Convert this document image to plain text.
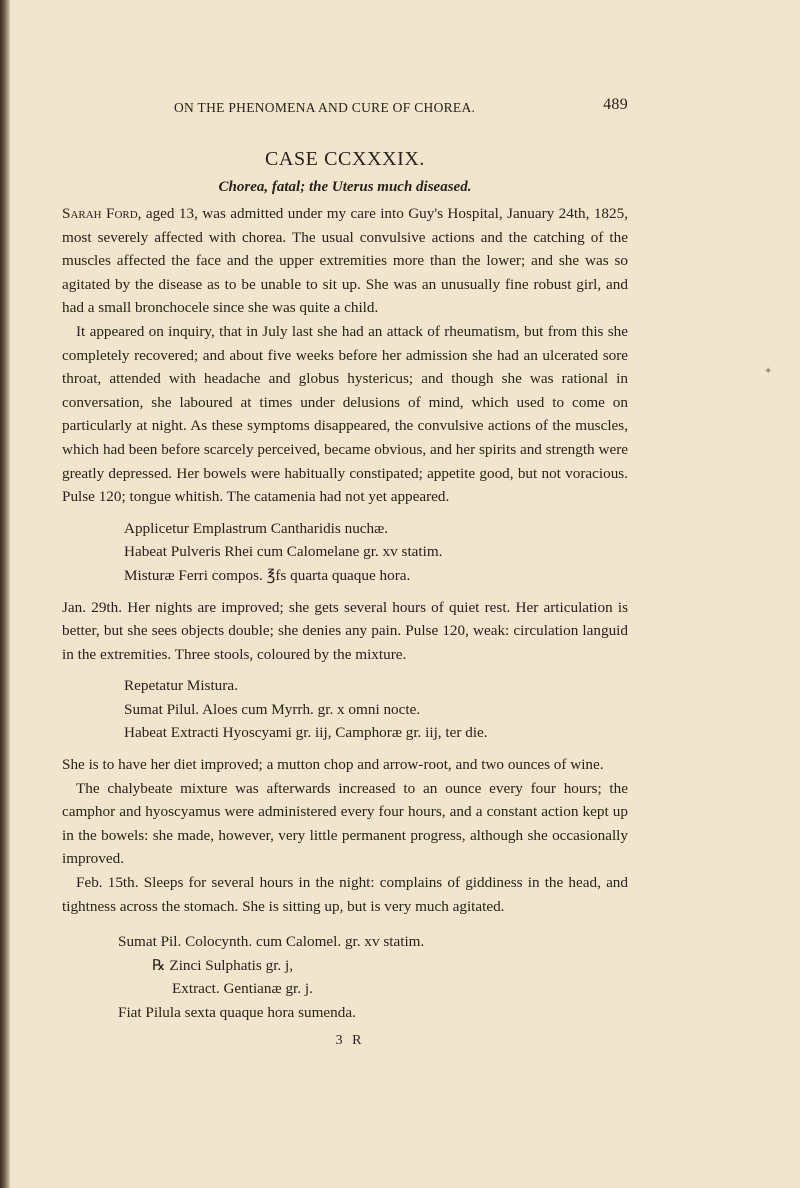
ON THE PHENOMENA AND CURE OF CHOREA.	489
CASE CCXXXIX.
Chorea, fatal; the Uterus much diseased.

Sarah Ford, aged 13, was admitted under my care into Guy's Hospital, January 24th, 1825, most severely affected with chorea. The usual convulsive actions and the catching of the muscles affected the face and the upper extremities more than the lower; and she was so agitated by the disease as to be unable to sit up. She was an unusually fine robust girl, and had a small bronchocele since she was quite a child.

It appeared on inquiry, that in July last she had an attack of rheumatism, but from this she completely recovered; and about five weeks before her admission she had an ulcerated sore throat, attended with headache and globus hystericus; and though she was rational in conversation, she laboured at times under delusions of mind, which used to come on particularly at night. As these symptoms disappeared, the convulsive actions of the muscles, which had been before scarcely perceived, became obvious, and her spirits and strength were greatly depressed. Her bowels were habitually constipated; appetite good, but not voracious. Pulse 120; tongue whitish. The catamenia had not yet appeared.

Applicetur Emplastrum Cantharidis nuchæ.
Habeat Pulveris Rhei cum Calomelane gr. xv statim.
Misturæ Ferri compos. ℥fs quarta quaque hora.

Jan. 29th. Her nights are improved; she gets several hours of quiet rest. Her articulation is better, but she sees objects double; she denies any pain. Pulse 120, weak: circulation languid in the extremities. Three stools, coloured by the mixture.

Repetatur Mistura.
Sumat Pilul. Aloes cum Myrrh. gr. x omni nocte.
Habeat Extracti Hyoscyami gr. iij, Camphoræ gr. iij, ter die.

She is to have her diet improved; a mutton chop and arrow-root, and two ounces of wine.

The chalybeate mixture was afterwards increased to an ounce every four hours; the camphor and hyoscyamus were administered every four hours, and a constant action kept up in the bowels: she made, however, very little permanent progress, although she occasionally improved.

Feb. 15th. Sleeps for several hours in the night: complains of giddiness in the head, and tightness across the stomach. She is sitting up, but is very much agitated.

Sumat Pil. Colocynth. cum Calomel. gr. xv statim.
℞ Zinci Sulphatis gr. j,
Extract. Gentianæ gr. j.
Fiat Pilula sexta quaque hora sumenda.
3 R
✦
